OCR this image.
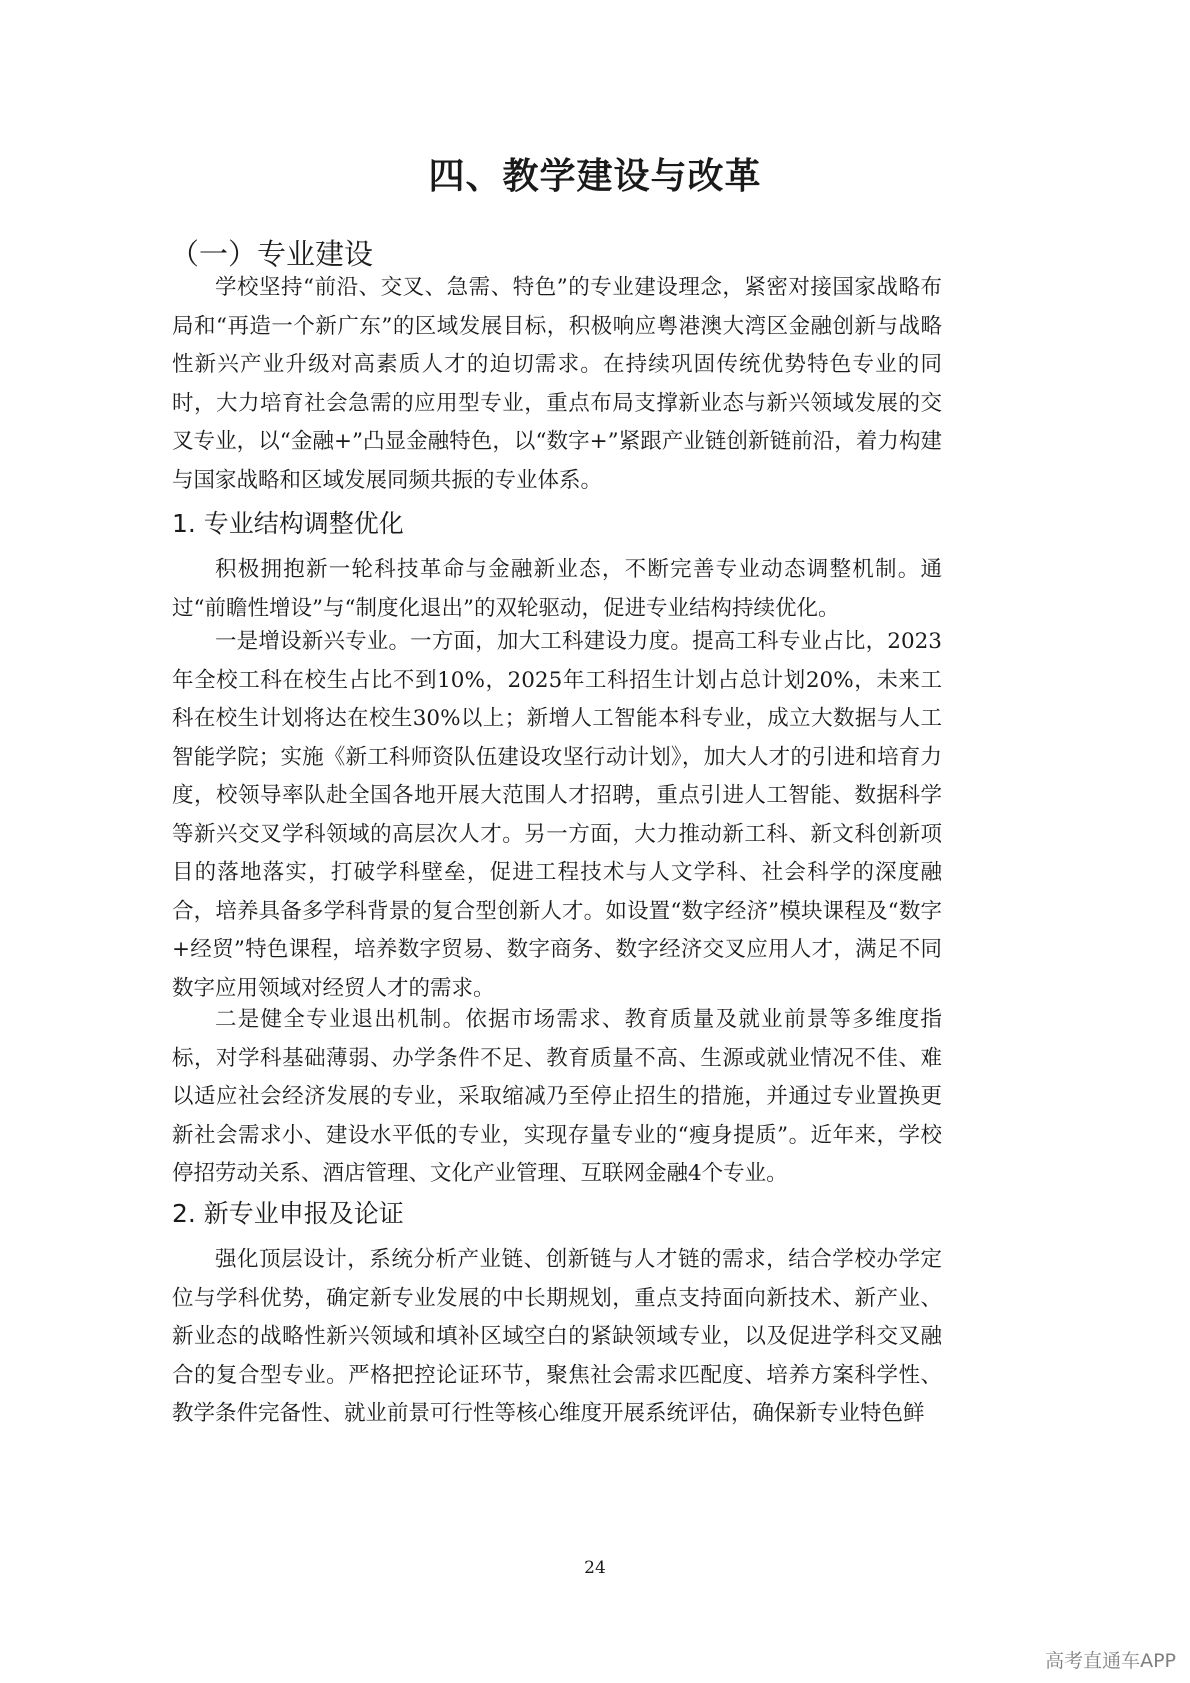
四、教学建设与改革
（一）专业建设

学校坚持“前沿、交叉、急需、特色”的专业建设理念，紧密对接国家战略布局和“再造一个新广东”的区域发展目标，积极响应粤港澳大湾区金融创新与战略性新兴产业升级对高素质人才的迫切需求。在持续巩固传统优势特色专业的同时，大力培育社会急需的应用型专业，重点布局支撑新业态与新兴领域发展的交叉专业，以“金融+”凸显金融特色，以“数字+”紧跟产业链创新链前沿，着力构建与国家战略和区域发展同频共振的专业体系。

1. 专业结构调整优化

积极拥抱新一轮科技革命与金融新业态，不断完善专业动态调整机制。通过“前瞻性增设”与“制度化退出”的双轮驱动，促进专业结构持续优化。

一是增设新兴专业。一方面，加大工科建设力度。提高工科专业占比，2023年全校工科在校生占比不到10%，2025年工科招生计划占总计划20%，未来工科在校生计划将达在校生30%以上；新增人工智能本科专业，成立大数据与人工智能学院；实施《新工科师资队伍建设攻坚行动计划》，加大人才的引进和培育力度，校领导率队赴全国各地开展大范围人才招聘，重点引进人工智能、数据科学等新兴交叉学科领域的高层次人才。另一方面，大力推动新工科、新文科创新项目的落地落实，打破学科壁垒，促进工程技术与人文学科、社会科学的深度融合，培养具备多学科背景的复合型创新人才。如设置“数字经济”模块课程及“数字+经贸”特色课程，培养数字贸易、数字商务、数字经济交叉应用人才，满足不同数字应用领域对经贸人才的需求。

二是健全专业退出机制。依据市场需求、教育质量及就业前景等多维度指标，对学科基础薄弱、办学条件不足、教育质量不高、生源或就业情况不佳、难以适应社会经济发展的专业，采取缩减乃至停止招生的措施，并通过专业置换更新社会需求小、建设水平低的专业，实现存量专业的“瘦身提质”。近年来，学校停招劳动关系、酒店管理、文化产业管理、互联网金融4个专业。

2. 新专业申报及论证

强化顶层设计，系统分析产业链、创新链与人才链的需求，结合学校办学定位与学科优势，确定新专业发展的中长期规划，重点支持面向新技术、新产业、新业态的战略性新兴领域和填补区域空白的紧缺领域专业，以及促进学科交叉融合的复合型专业。严格把控论证环节，聚焦社会需求匹配度、培养方案科学性、教学条件完备性、就业前景可行性等核心维度开展系统评估，确保新专业特色鲜

24
高考直通车APP
